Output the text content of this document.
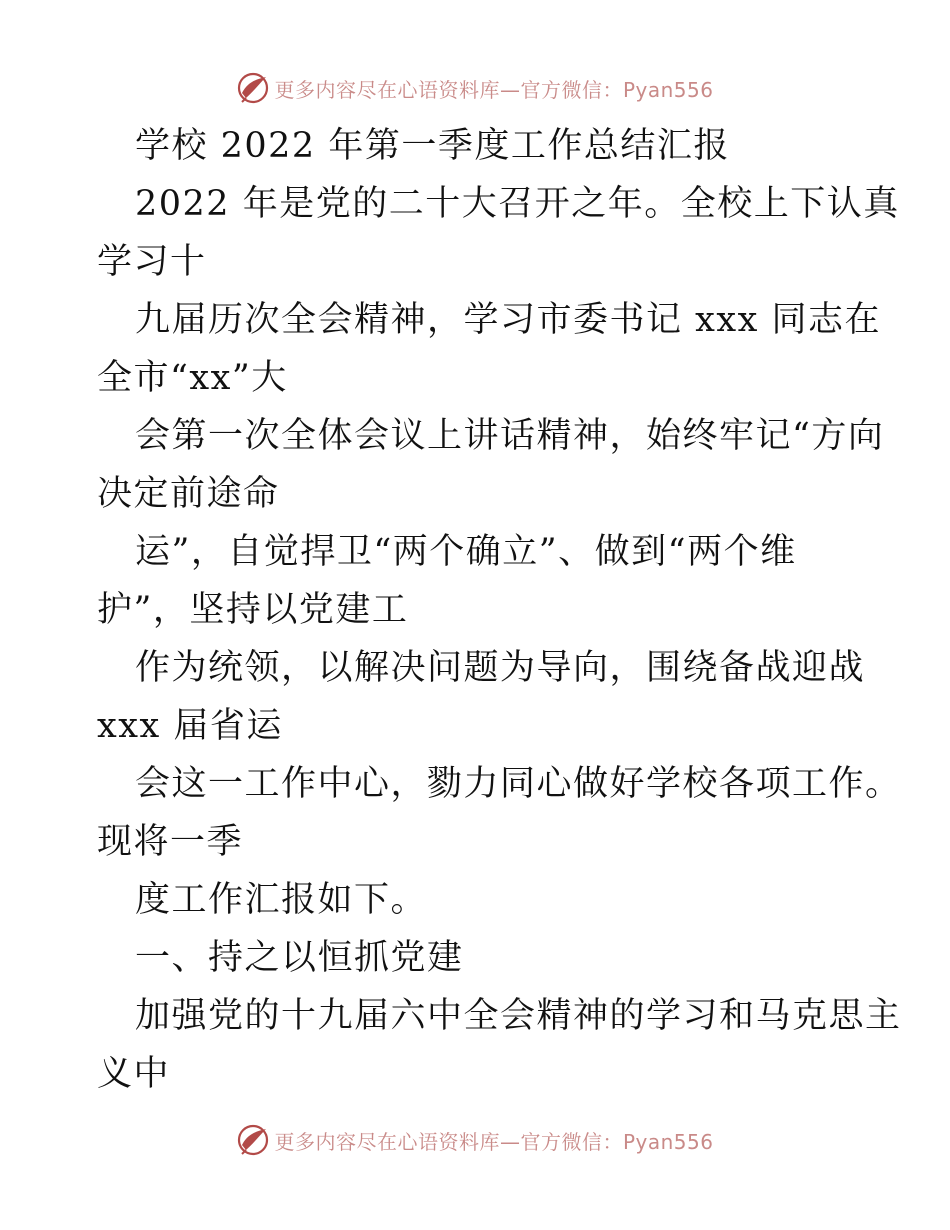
更多内容尽在心语资料库—官方微信：Pyan556
学校 2022 年第一季度工作总结汇报
2022 年是党的二十大召开之年。全校上下认真
学习十
九届历次全会精神，学习市委书记 xxx 同志在
全市“xx”大
会第一次全体会议上讲话精神，始终牢记“方向
决定前途命
运”，自觉捍卫“两个确立”、做到“两个维
护”，坚持以党建工
作为统领，以解决问题为导向，围绕备战迎战
xxx 届省运
会这一工作中心，勠力同心做好学校各项工作。
现将一季
度工作汇报如下。
一、持之以恒抓党建
加强党的十九届六中全会精神的学习和马克思主
义中
更多内容尽在心语资料库—官方微信：Pyan556
